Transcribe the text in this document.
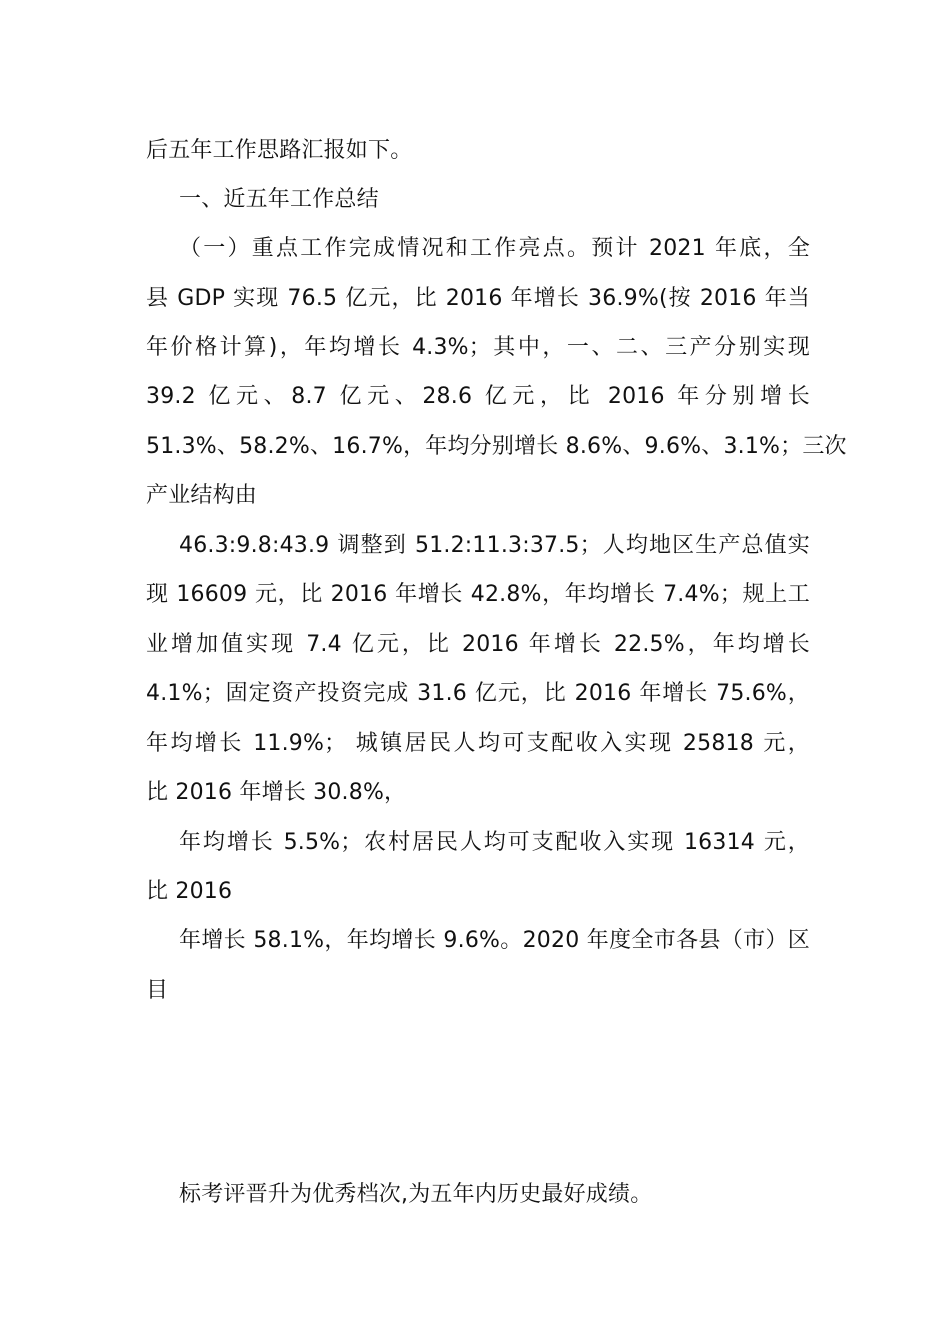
后五年工作思路汇报如下。
一、近五年工作总结
（一）重点工作完成情况和工作亮点。预计 2021 年底，全
县 GDP 实现 76.5 亿元，比 2016 年增长 36.9%(按 2016 年当
年价格计算)，年均增长 4.3%；其中，一、二、三产分别实现
39.2 亿元、8.7 亿元、28.6 亿元，比 2016 年分别增长
51.3%、58.2%、16.7%，年均分别增长 8.6%、9.6%、3.1%；三次
产业结构由
46.3:9.8:43.9 调整到 51.2:11.3:37.5；人均地区生产总值实
现 16609 元，比 2016 年增长 42.8%，年均增长 7.4%；规上工
业增加值实现 7.4 亿元，比 2016 年增长 22.5%，年均增长
4.1%；固定资产投资完成 31.6 亿元，比 2016 年增长 75.6%，
年均增长 11.9%； 城镇居民人均可支配收入实现 25818 元，
比 2016 年增长 30.8%，
年均增长 5.5%；农村居民人均可支配收入实现 16314 元，
比 2016
年增长 58.1%，年均增长 9.6%。2020 年度全市各县（市）区
目
标考评晋升为优秀档次,为五年内历史最好成绩。
